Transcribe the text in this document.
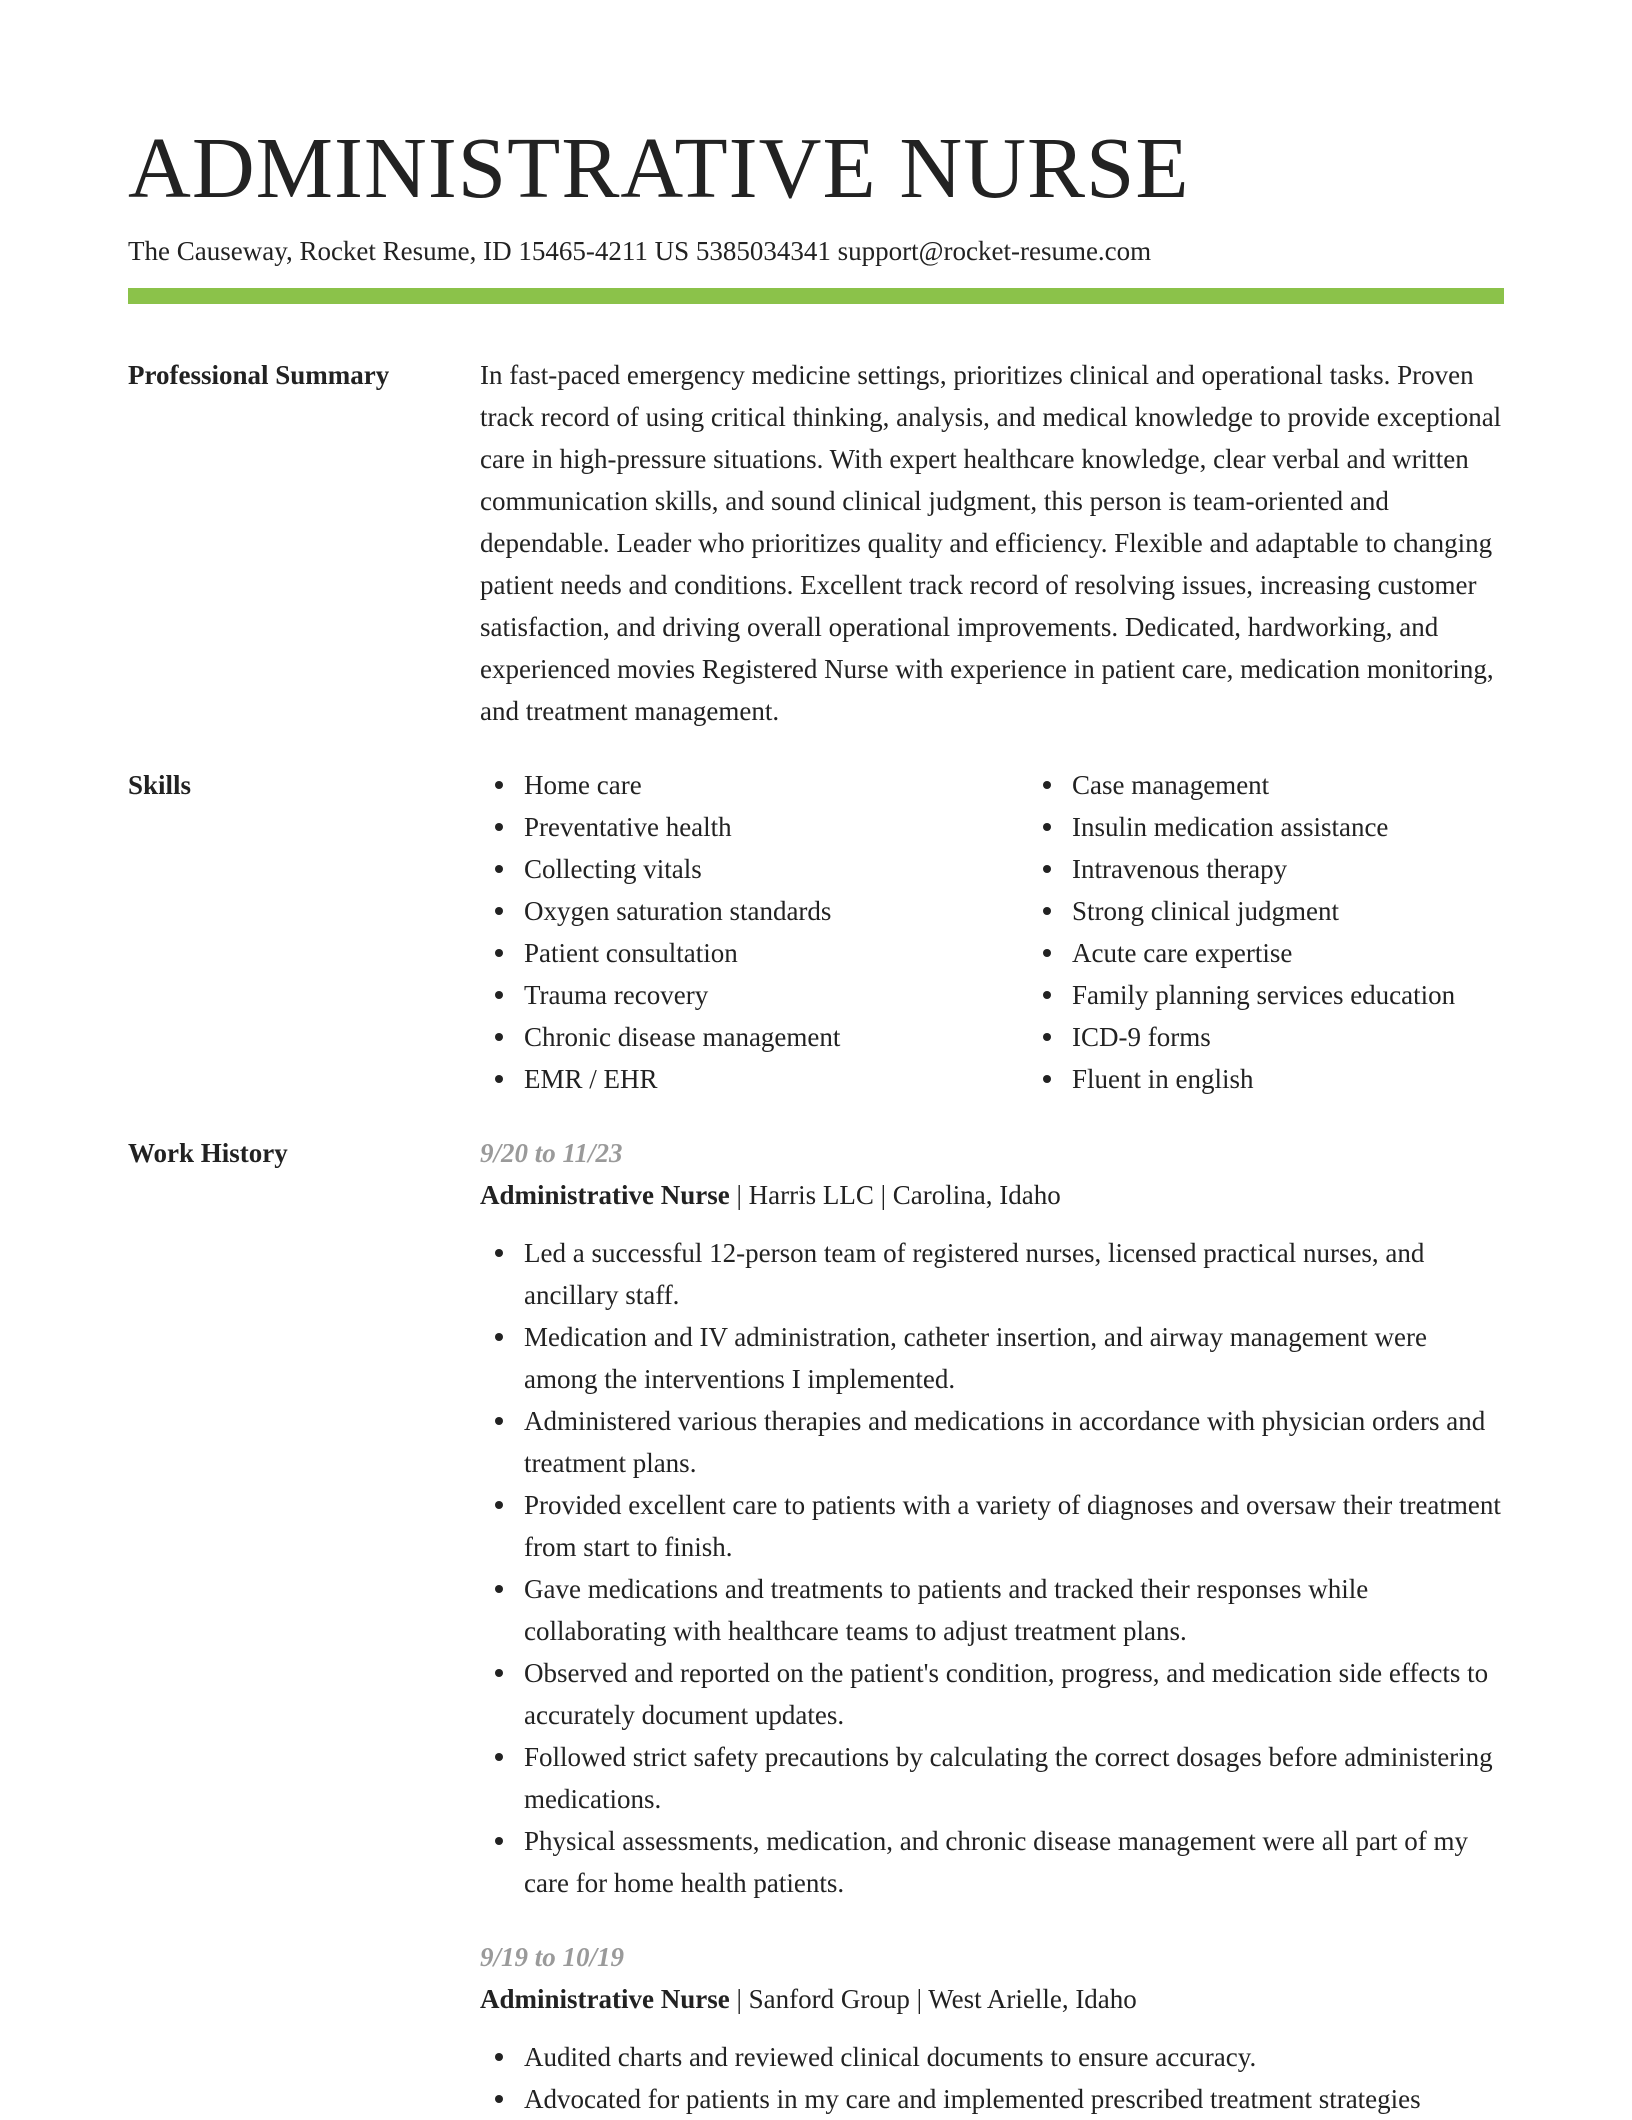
ADMINISTRATIVE NURSE
The Causeway, Rocket Resume, ID 15465-4211 US 5385034341 support@rocket-resume.com
Professional Summary	In fast-paced emergency medicine settings, prioritizes clinical and operational tasks. Proven track record of using critical thinking, analysis, and medical knowledge to provide exceptional care in high-pressure situations. With expert healthcare knowledge, clear verbal and written communication skills, and sound clinical judgment, this person is team-oriented and dependable. Leader who prioritizes quality and efficiency. Flexible and adaptable to changing patient needs and conditions. Excellent track record of resolving issues, increasing customer satisfaction, and driving overall operational improvements. Dedicated, hardworking, and experienced movies Registered Nurse with experience in patient care, medication monitoring, and treatment management.

Skills	Home care
Preventative health
Collecting vitals
Oxygen saturation standards
Patient consultation
Trauma recovery
Chronic disease management
EMR / EHR
Case management
Insulin medication assistance
Intravenous therapy
Strong clinical judgment
Acute care expertise
Family planning services education
ICD-9 forms
Fluent in english
Work History	9/20 to 11/23
Administrative Nurse | Harris LLC | Carolina, Idaho
Led a successful 12-person team of registered nurses, licensed practical nurses, and ancillary staff.
Medication and IV administration, catheter insertion, and airway management were among the interventions I implemented.
Administered various therapies and medications in accordance with physician orders and treatment plans.
Provided excellent care to patients with a variety of diagnoses and oversaw their treatment from start to finish.
Gave medications and treatments to patients and tracked their responses while collaborating with healthcare teams to adjust treatment plans.
Observed and reported on the patient's condition, progress, and medication side effects to accurately document updates.
Followed strict safety precautions by calculating the correct dosages before administering medications.
Physical assessments, medication, and chronic disease management were all part of my care for home health patients.
9/19 to 10/19
Administrative Nurse | Sanford Group | West Arielle, Idaho
Audited charts and reviewed clinical documents to ensure accuracy.
Advocated for patients in my care and implemented prescribed treatment strategies
